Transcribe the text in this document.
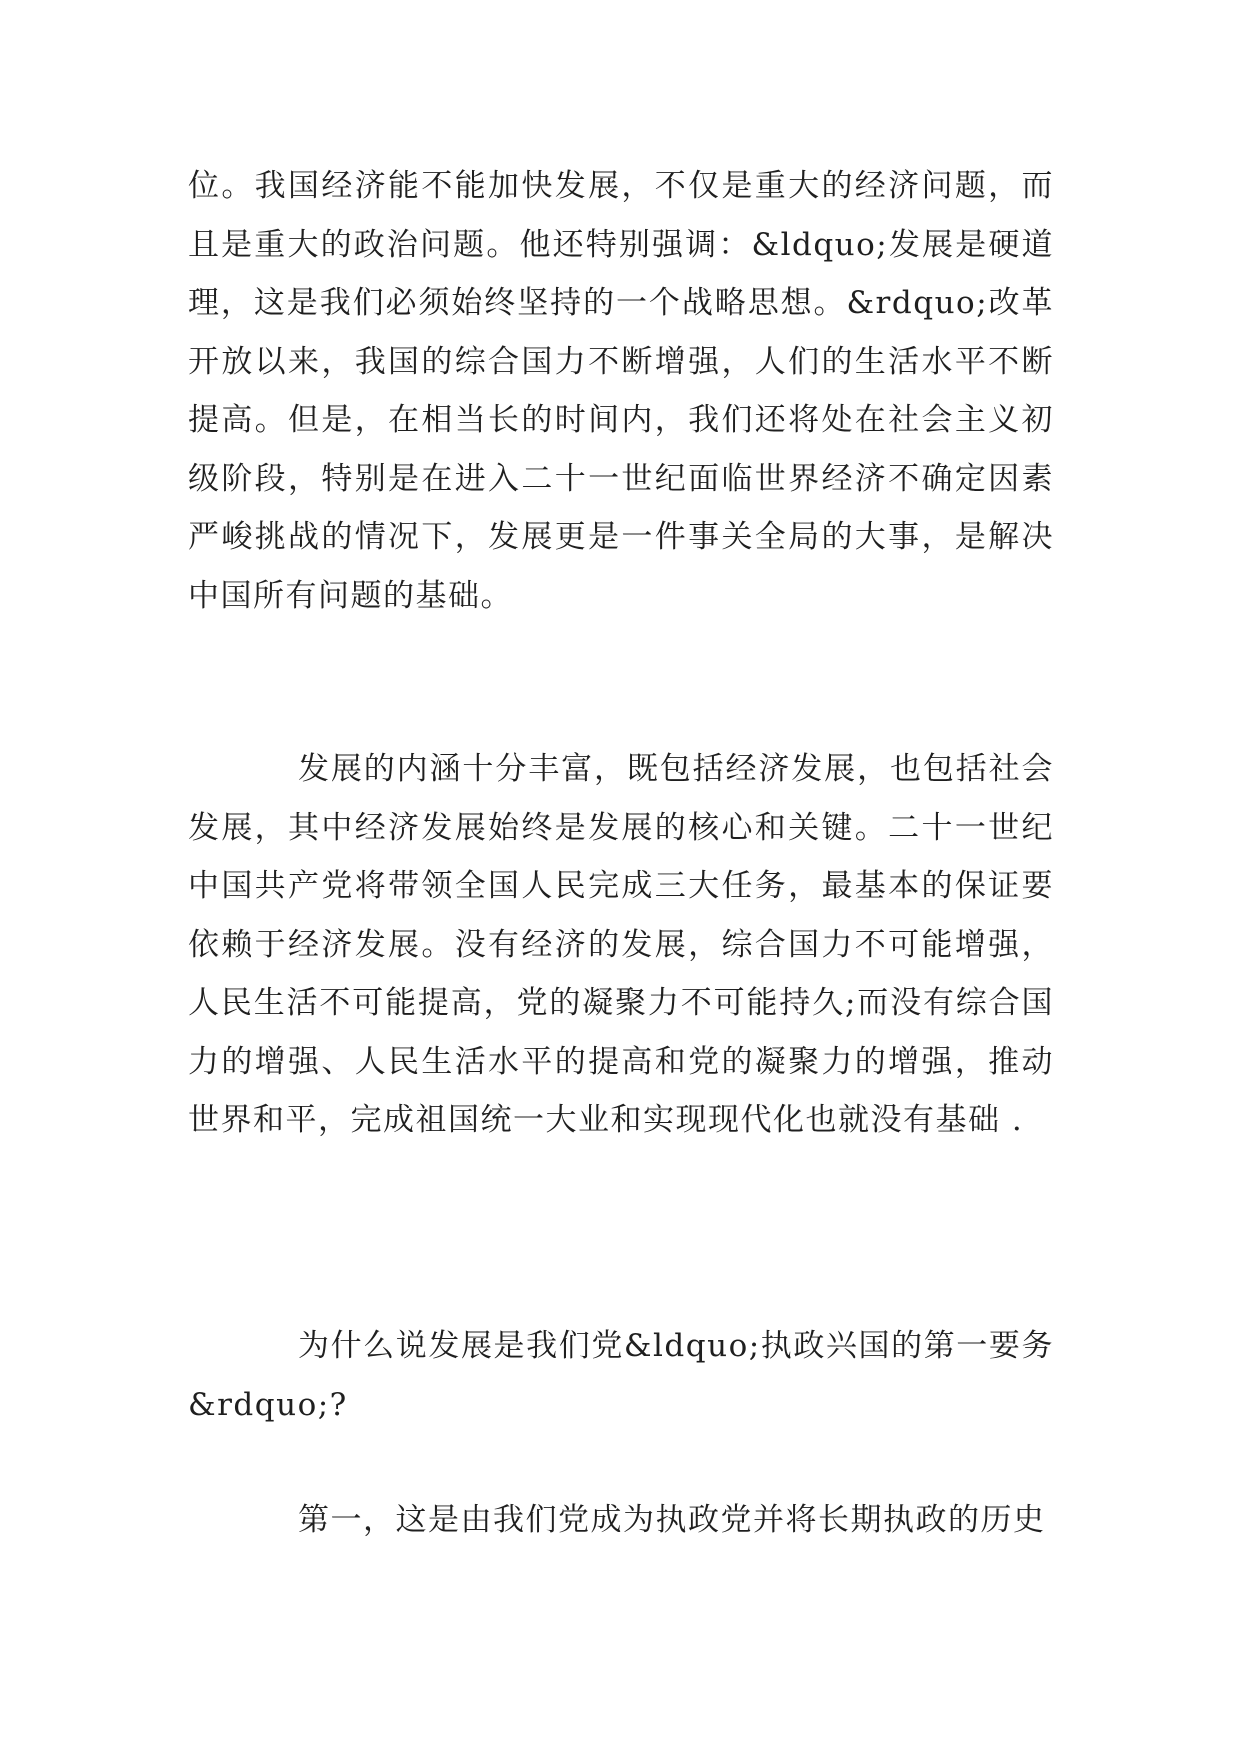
位。我国经济能不能加快发展，不仅是重大的经济问题，而且是重大的政治问题。他还特别强调：&ldquo;发展是硬道理，这是我们必须始终坚持的一个战略思想。&rdquo;改革开放以来，我国的综合国力不断增强，人们的生活水平不断提高。但是，在相当长的时间内，我们还将处在社会主义初级阶段，特别是在进入二十一世纪面临世界经济不确定因素严峻挑战的情况下，发展更是一件事关全局的大事，是解决中国所有问题的基础。

发展的内涵十分丰富，既包括经济发展，也包括社会发展，其中经济发展始终是发展的核心和关键。二十一世纪中国共产党将带领全国人民完成三大任务，最基本的保证要依赖于经济发展。没有经济的发展，综合国力不可能增强，人民生活不可能提高，党的凝聚力不可能持久;而没有综合国力的增强、人民生活水平的提高和党的凝聚力的增强，推动世界和平，完成祖国统一大业和实现现代化也就没有基础 .

为什么说发展是我们党&ldquo;执政兴国的第一要务&rdquo;?

第一，这是由我们党成为执政党并将长期执政的历史
